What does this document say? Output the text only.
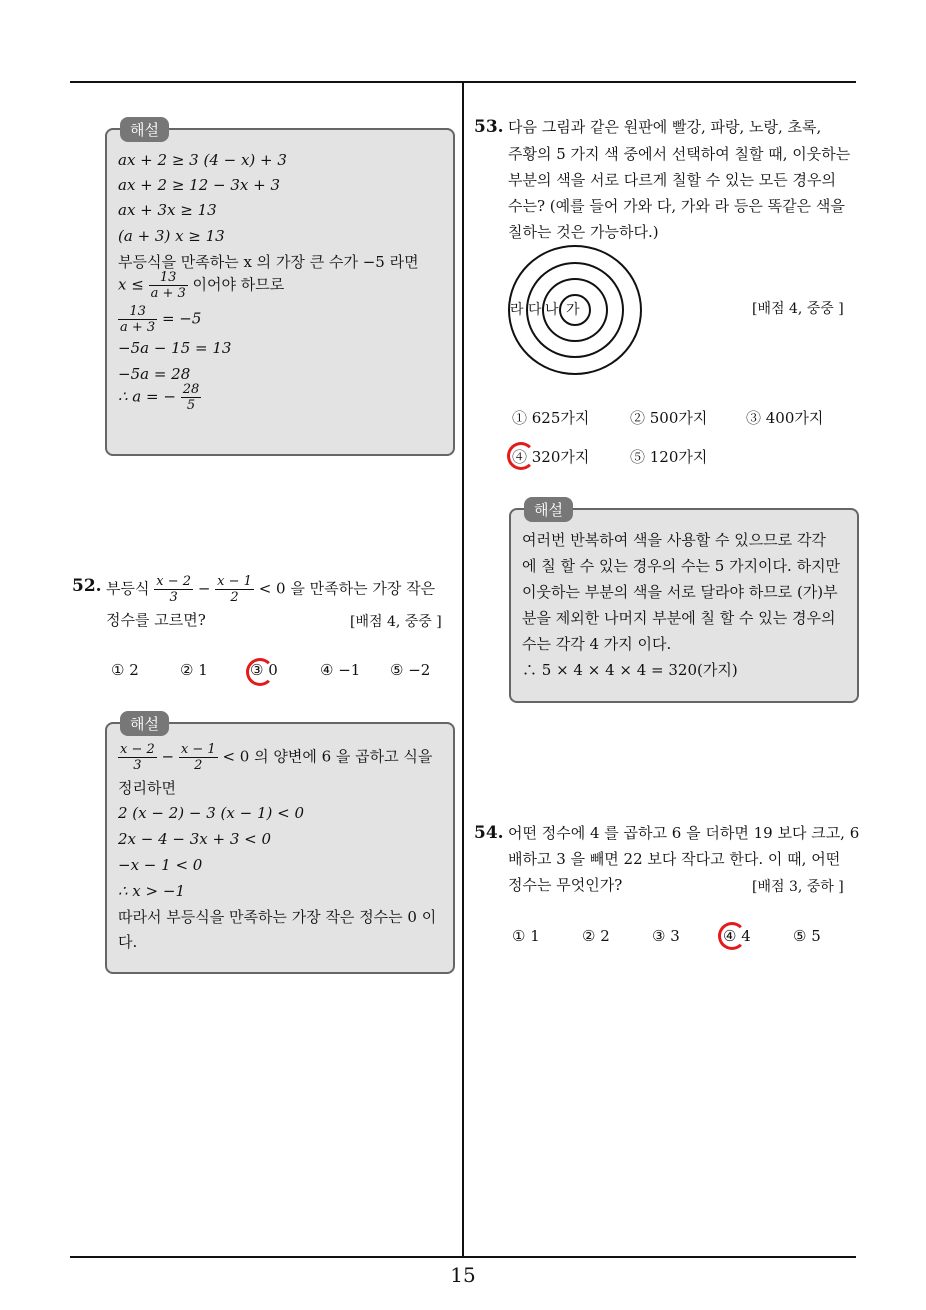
해설
ax + 2 ≥ 3 (4 − x) + 3
ax + 2 ≥ 12 − 3x + 3
ax + 3x ≥ 13
(a + 3) x ≥ 13
부등식을 만족하는 x 의 가장 큰 수가 −5 라면
$x \le \frac{13}{a + 3}$ 이어야 하므로
$\frac{13}{a + 3} = -5$
−5a − 15 = 13
−5a = 28
∴ a = − $\frac{28}{5}$
52. 부등식 $\frac{x - 2}{3} - \frac{x - 1}{2} < 0$ 을 만족하는 가장 작은
정수를 고르면?	[배점 4, 중중 ]
① 2	② 1	③ 0	④ −1 ⑤ −2
해설
$\frac{x - 2}{3} - \frac{x - 1}{2} < 0$ 의 양변에 6 을 곱하고 식을
정리하면
2 (x − 2) − 3 (x − 1) < 0
2x − 4 − 3x + 3 < 0
−x − 1 < 0
∴ x > −1
따라서 부등식을 만족하는 가장 작은 정수는 0 이
다.
53. 다음 그림과 같은 원판에 빨강, 파랑, 노랑, 초록,
주황의 5 가지 색 중에서 선택하여 칠할 때, 이웃하는
부분의 색을 서로 다르게 칠할 수 있는 모든 경우의
수는? (예를 들어 가와 다, 가와 라 등은 똑같은 색을
칠하는 것은 가능하다.)
라 다 나 가	[배점 4, 중중 ]
① 625가지	② 500가지	③ 400가지
④ 320가지	⑤ 120가지
해설
여러번 반복하여 색을 사용할 수 있으므로 각각
에 칠 할 수 있는 경우의 수는 5 가지이다. 하지만
이웃하는 부분의 색을 서로 달라야 하므로 (가)부
분을 제외한 나머지 부분에 칠 할 수 있는 경우의
수는 각각 4 가지 이다.
∴ 5 × 4 × 4 × 4 = 320(가지)
54. 어떤 정수에 4 를 곱하고 6 을 더하면 19 보다 크고, 6
배하고 3 을 빼면 22 보다 작다고 한다. 이 때, 어떤
정수는 무엇인가?	[배점 3, 중하 ]
① 1	② 2	③ 3	④ 4	⑤ 5
15
